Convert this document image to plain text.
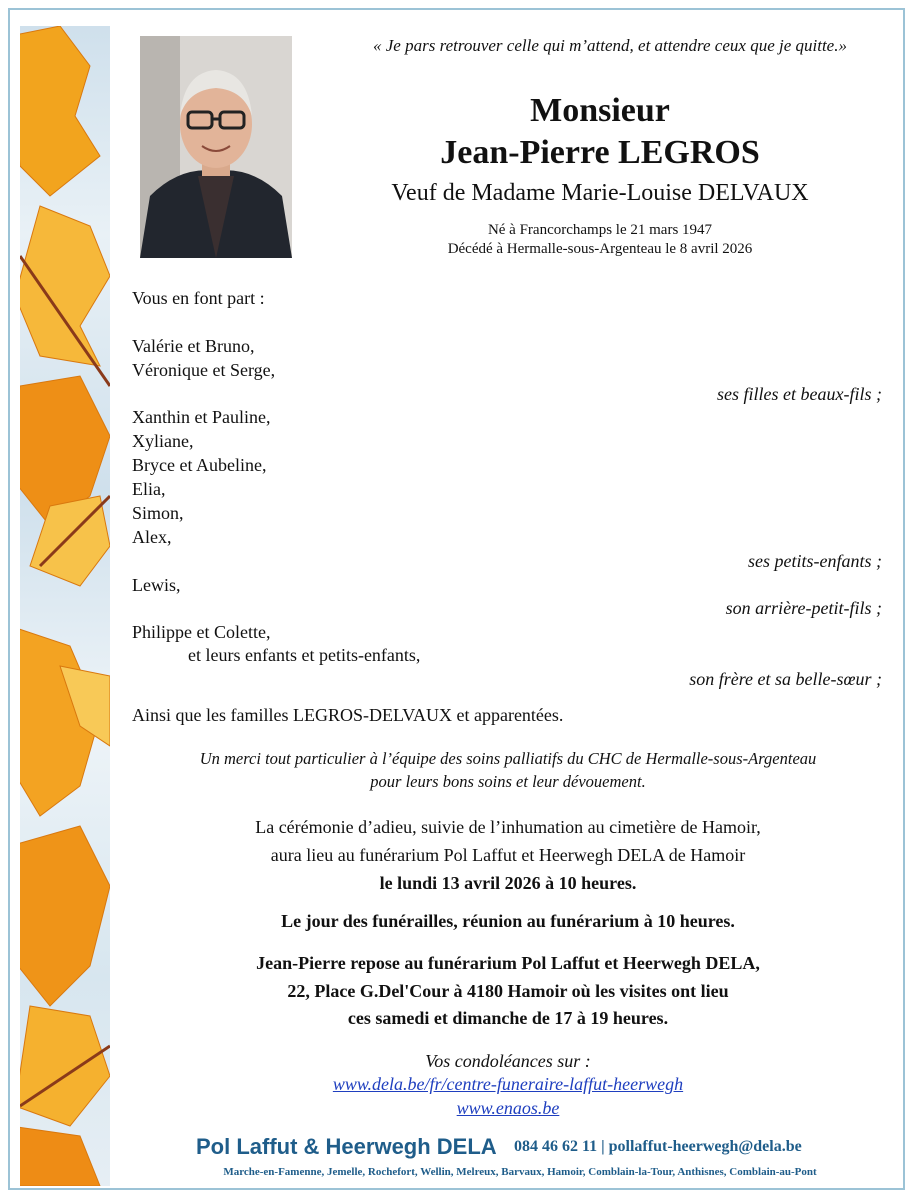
« Je pars retrouver celle qui m’attend, et attendre ceux que je quitte.»
Monsieur
Jean-Pierre LEGROS
Veuf de Madame Marie-Louise DELVAUX
Né à Francorchamps le 21 mars 1947
Décédé à Hermalle-sous-Argenteau le 8 avril 2026
Vous en font part :
Valérie et Bruno,
Véronique et Serge,
ses filles et beaux-fils ;
Xanthin et Pauline,
Xyliane,
Bryce et Aubeline,
Elia,
Simon,
Alex,
ses petits-enfants ;
Lewis,
son arrière-petit-fils ;
Philippe et Colette,
et leurs enfants et petits-enfants,
son frère et sa belle-sœur ;
Ainsi que les familles LEGROS-DELVAUX et apparentées.
Un merci tout particulier à l’équipe des soins palliatifs du CHC de Hermalle-sous-Argenteau
pour leurs bons soins et leur dévouement.
La cérémonie d’adieu, suivie de l’inhumation au cimetière de Hamoir,
aura lieu au funérarium Pol Laffut et Heerwegh DELA de Hamoir
le lundi 13 avril 2026 à 10 heures.
Le jour des funérailles, réunion au funérarium à 10 heures.
Jean-Pierre repose au funérarium Pol Laffut et Heerwegh DELA,
22, Place G.Del'Cour à 4180 Hamoir où les visites ont lieu
ces samedi et dimanche de 17 à 19 heures.
Vos condoléances sur :
www.dela.be/fr/centre-funeraire-laffut-heerwegh
www.enaos.be
Pol Laffut & Heerwegh DELA 084 46 62 11 | pollaffut-heerwegh@dela.be
Marche-en-Famenne, Jemelle, Rochefort, Wellin, Melreux, Barvaux, Hamoir, Comblain-la-Tour, Anthisnes, Comblain-au-Pont
